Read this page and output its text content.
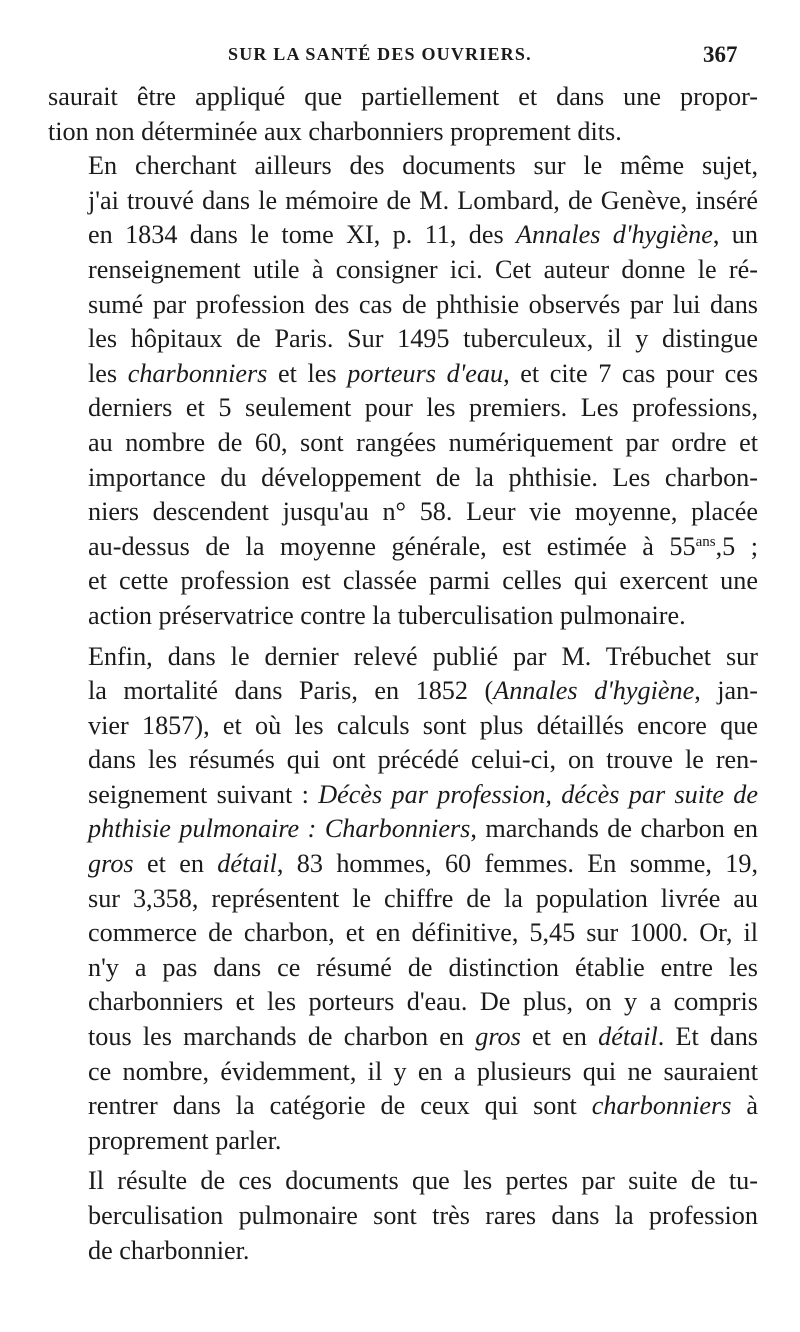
SUR LA SANTÉ DES OUVRIERS.	367

saurait être appliqué que partiellement et dans une propor-
tion non déterminée aux charbonniers proprement dits.

En cherchant ailleurs des documents sur le même sujet,
j'ai trouvé dans le mémoire de M. Lombard, de Genève, inséré
en 1834 dans le tome XI, p. 11, des Annales d'hygiène, un
renseignement utile à consigner ici. Cet auteur donne le ré-
sumé par profession des cas de phthisie observés par lui dans
les hôpitaux de Paris. Sur 1495 tuberculeux, il y distingue
les charbonniers et les porteurs d'eau, et cite 7 cas pour ces
derniers et 5 seulement pour les premiers. Les professions,
au nombre de 60, sont rangées numériquement par ordre et
importance du développement de la phthisie. Les charbon-
niers descendent jusqu'au n° 58. Leur vie moyenne, placée
au-dessus de la moyenne générale, est estimée à $55^{ans},5$ ;
et cette profession est classée parmi celles qui exercent une
action préservatrice contre la tuberculisation pulmonaire.

Enfin, dans le dernier relevé publié par M. Trébuchet sur
la mortalité dans Paris, en 1852 (Annales d'hygiène, jan-
vier 1857), et où les calculs sont plus détaillés encore que
dans les résumés qui ont précédé celui-ci, on trouve le ren-
seignement suivant : Décès par profession, décès par suite de
phthisie pulmonaire : Charbonniers, marchands de charbon en
gros et en détail, 83 hommes, 60 femmes. En somme, 19,
sur 3,358, représentent le chiffre de la population livrée au
commerce de charbon, et en définitive, 5,45 sur 1000. Or, il
n'y a pas dans ce résumé de distinction établie entre les
charbonniers et les porteurs d'eau. De plus, on y a compris
tous les marchands de charbon en gros et en détail. Et dans
ce nombre, évidemment, il y en a plusieurs qui ne sauraient
rentrer dans la catégorie de ceux qui sont charbonniers à
proprement parler.

Il résulte de ces documents que les pertes par suite de tu-
berculisation pulmonaire sont très rares dans la profession
de charbonnier.
